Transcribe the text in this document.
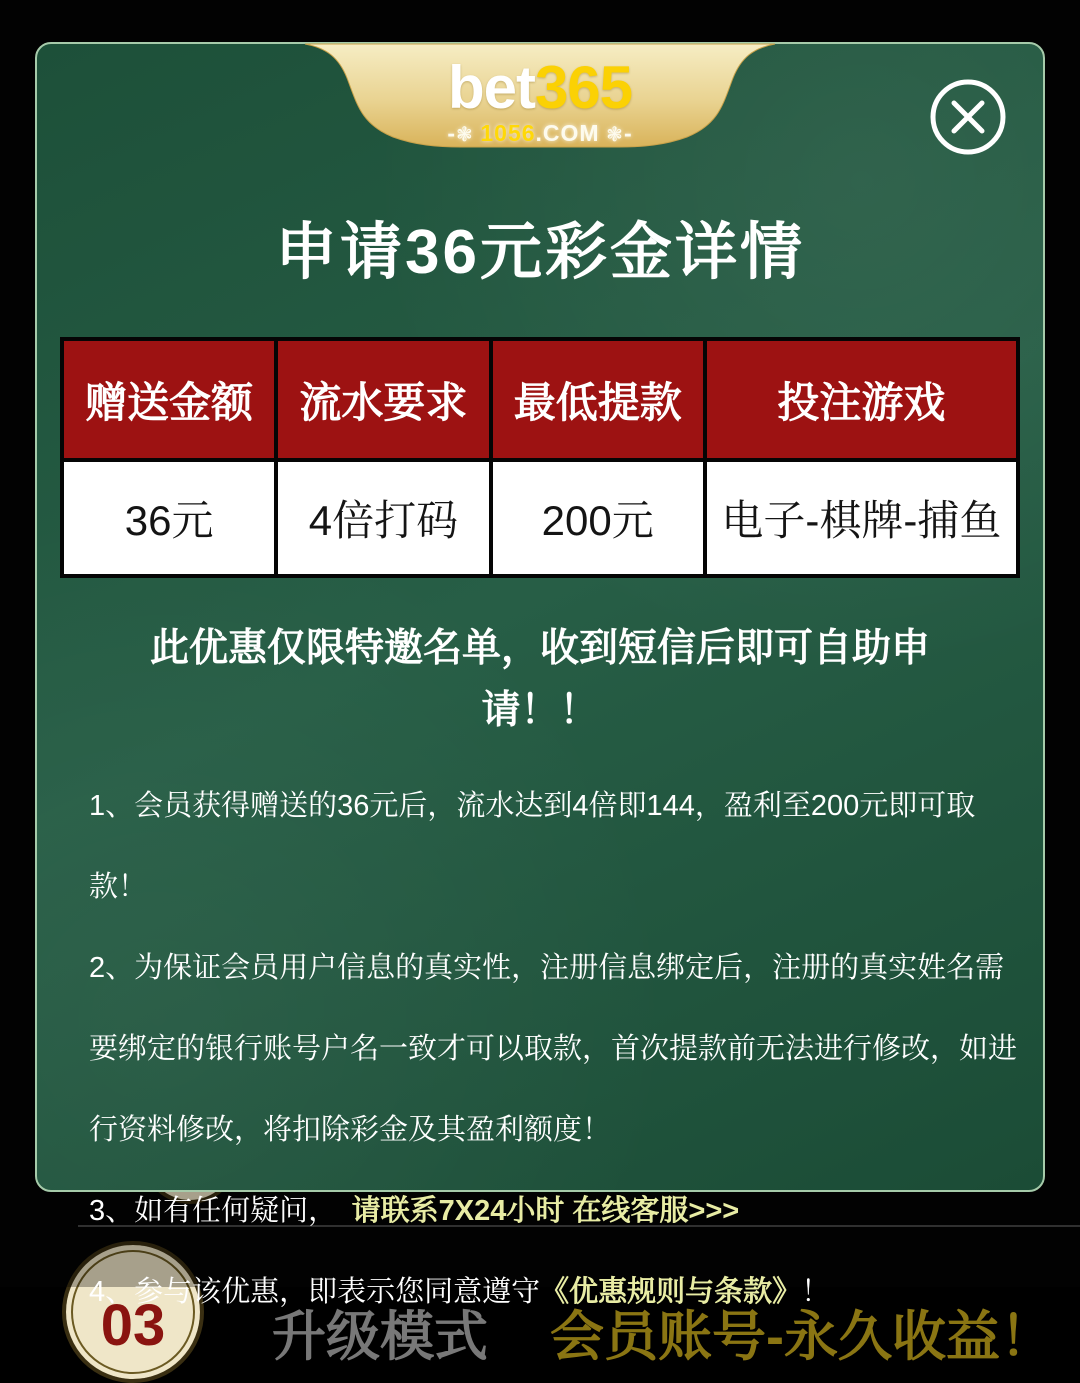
03 升级模式 会员账号-永久收益！
bet365
-❃ 1056.COM ❃-
申请36元彩金详情
赠送金额	流水要求	最低提款	投注游戏
36元	4倍打码	200元	电子-棋牌-捕鱼
此优惠仅限特邀名单，收到短信后即可自助申请！！

1、会员获得赠送的36元后，流水达到4倍即144，盈利至200元即可取款！

2、为保证会员用户信息的真实性，注册信息绑定后，注册的真实姓名需要绑定的银行账号户名一致才可以取款，首次提款前无法进行修改，如进行资料修改，将扣除彩金及其盈利额度！

3、如有任何疑问，　请联系7X24小时 在线客服>>>

4、参与该优惠，即表示您同意遵守《优惠规则与条款》！
